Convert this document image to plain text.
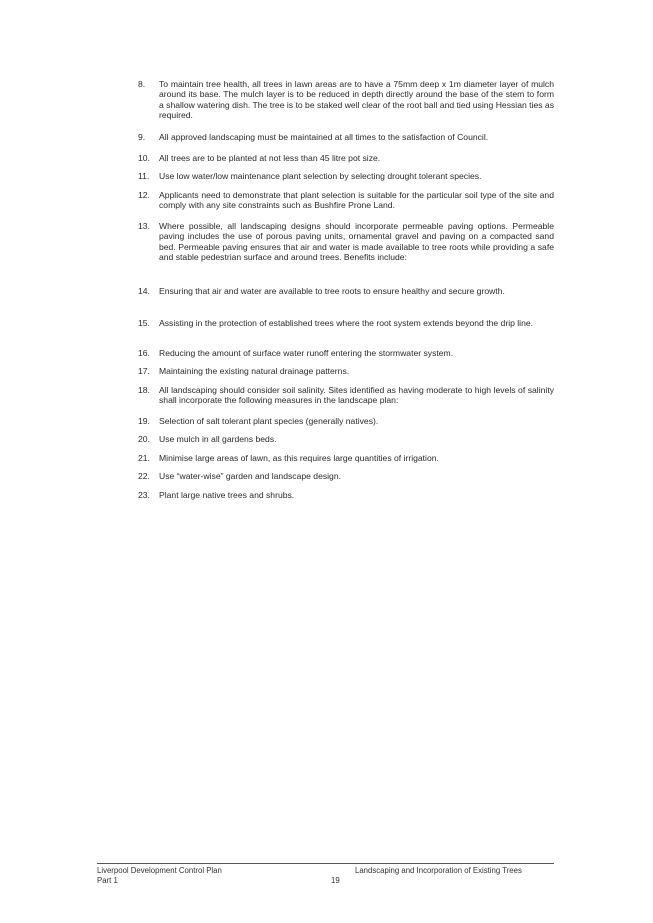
8.	To maintain tree health, all trees in lawn areas are to have a 75mm deep x 1m diameter layer of mulch around its base. The mulch layer is to be reduced in depth directly around the base of the stem to form a shallow watering dish. The tree is to be staked well clear of the root ball and tied using Hessian ties as required.
9.	All approved landscaping must be maintained at all times to the satisfaction of Council.
10.	All trees are to be planted at not less than 45 litre pot size.
11.	Use low water/low maintenance plant selection by selecting drought tolerant species.
12.	Applicants need to demonstrate that plant selection is suitable for the particular soil type of the site and comply with any site constraints such as Bushfire Prone Land.
13.	Where possible, all landscaping designs should incorporate permeable paving options. Permeable paving includes the use of porous paving units, ornamental gravel and paving on a compacted sand bed. Permeable paving ensures that air and water is made available to tree roots while providing a safe and stable pedestrian surface and around trees. Benefits include:
14.	Ensuring that air and water are available to tree roots to ensure healthy and secure growth.
15.	Assisting in the protection of established trees where the root system extends beyond the drip line.
16.	Reducing the amount of surface water runoff entering the stormwater system.
17.	Maintaining the existing natural drainage patterns.
18.	All landscaping should consider soil salinity. Sites identified as having moderate to high levels of salinity shall incorporate the following measures in the landscape plan:
19.	Selection of salt tolerant plant species (generally natives).
20.	Use mulch in all gardens beds.
21.	Minimise large areas of lawn, as this requires large quantities of irrigation.
22.	Use “water-wise” garden and landscape design.
23.	Plant large native trees and shrubs.
Liverpool Development Control Plan
Part 1	19
Landscaping and Incorporation of Existing Trees
